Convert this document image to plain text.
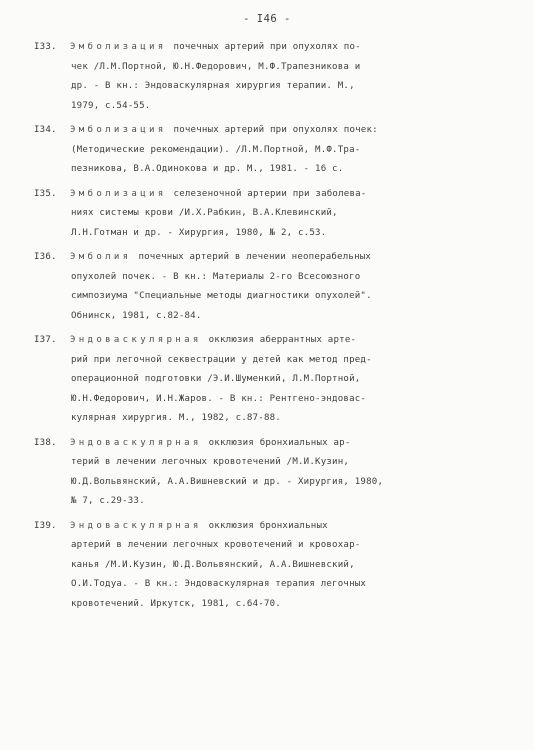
- I46 -
I33. Эмболизация почечных артерий при опухолях по-
чек /Л.М.Портной, Ю.Н.Федорович, М.Ф.Трапезникова и
др. - В кн.: Эндоваскулярная хирургия терапии. М.,
1979, с.54-55.
I34. Эмболизация почечных артерий при опухолях почек:
(Методические рекомендации). /Л.М.Портной, М.Ф.Тра-
пезникова, В.А.Одинокова и др. М., 1981. - 16 с.
I35. Эмболизация селезеночной артерии при заболева-
ниях системы крови /И.Х.Рабкин, В.А.Клевинский,
Л.Н.Готман и др. - Хирургия, 1980, № 2, с.53.
I36. Эмболия почечных артерий в лечении неоперабельных
опухолей почек. - В кн.: Материалы 2-го Всесоюзного
симпозиума "Специальные методы диагностики опухолей".
Обнинск, 1981, с.82-84.
I37. Эндоваскулярная окклюзия аберрантных арте-
рий при легочной секвестрации у детей как метод пред-
операционной подготовки /Э.И.Шуменкий, Л.М.Портной,
Ю.Н.Федорович, И.Н.Жаров. - В кн.: Рентгено-эндовас-
кулярная хирургия. М., 1982, с.87-88.
I38. Эндоваскулярная окклюзия бронхиальных ар-
терий в лечении легочных кровотечений /М.И.Кузин,
Ю.Д.Вольвянский, А.А.Вишневский и др. - Хирургия, 1980,
№ 7, с.29-33.
I39. Эндоваскулярная окклюзия бронхиальных
артерий в лечении легочных кровотечений и кровохар-
канья /М.И.Кузин, Ю.Д.Вольвянский, А.А.Вишневский,
О.И.Тодуа. - В кн.: Эндоваскулярная терапия легочных
кровотечений. Иркутск, 1981, с.64-70.
